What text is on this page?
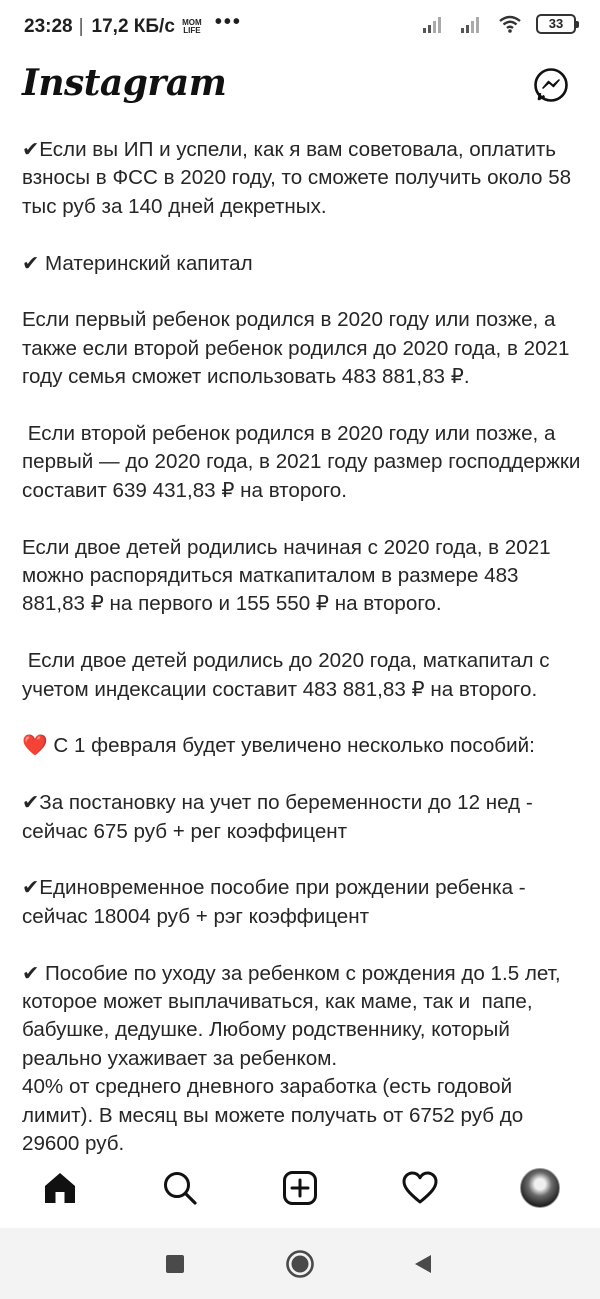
23:28 | 17,2 КБ/с MOM
LIFE •••	33
Instagram

✔Если вы ИП и успели, как я вам советовала, оплатить взносы в ФСС в 2020 году, то сможете получить около 58 тыс руб за 140 дней декретных.

✔ Материнский капитал

Если первый ребенок родился в 2020 году или позже, а также если второй ребенок родился до 2020 года, в 2021 году семья сможет использовать 483 881,83 ₽.

Если второй ребенок родился в 2020 году или позже, а первый — до 2020 года, в 2021 году размер господдержки составит 639 431,83 ₽ на второго.

Если двое детей родились начиная с 2020 года, в 2021 можно распорядиться маткапиталом в размере 483 881,83 ₽ на первого и 155 550 ₽ на второго.

Если двое детей родились до 2020 года, маткапитал с учетом индексации составит 483 881,83 ₽ на второго.

❤️ С 1 февраля будет увеличено несколько пособий:

✔За постановку на учет по беременности до 12 нед - сейчас 675 руб + рег коэффицент

✔Единовременное пособие при рождении ребенка - сейчас 18004 руб + рэг коэффицент

✔ Пособие по уходу за ребенком с рождения до 1.5 лет, которое может выплачиваться, как маме, так и  папе, бабушке, дедушке. Любому родственнику, который реально ухаживает за ребенком.
40% от среднего дневного заработка (есть годовой лимит). В месяц вы можете получать от 6752 руб до 29600 руб.
